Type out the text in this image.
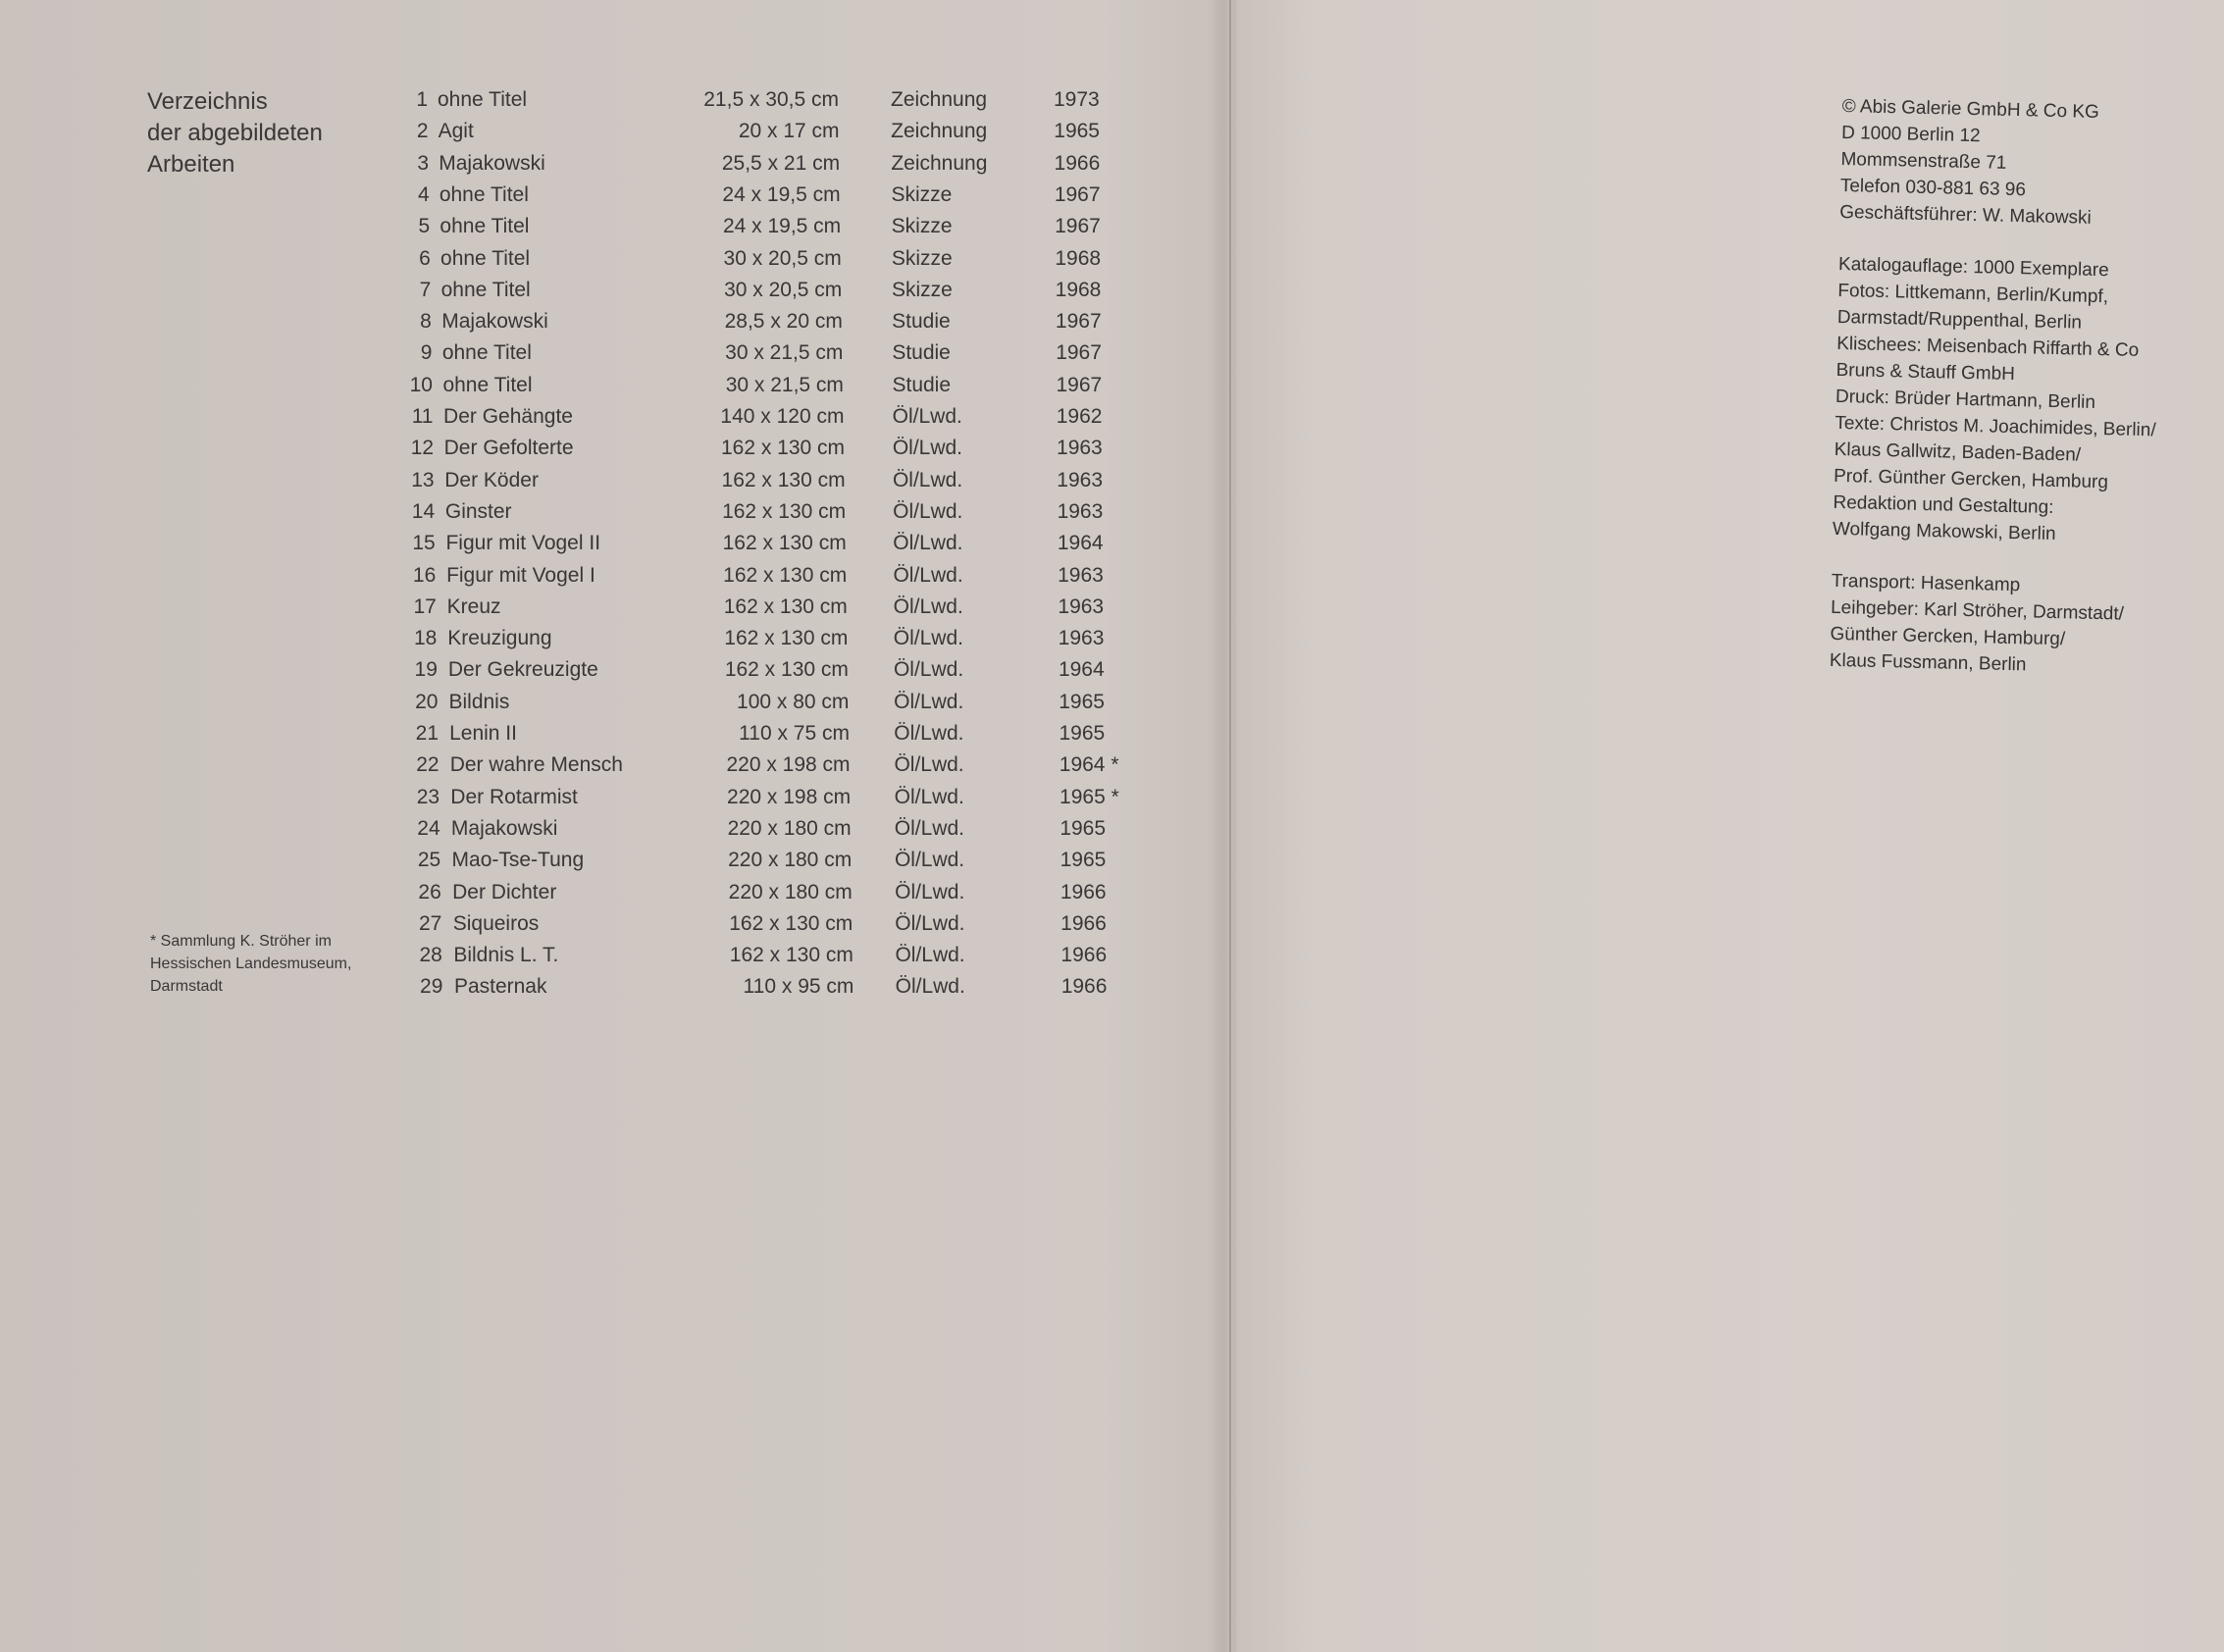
Verzeichnis
der abgebildeten
Arbeiten
* Sammlung K. Ströher im
Hessischen Landesmuseum,
Darmstadt
1 ohne Titel	21,5 x 30,5 cm	Zeichnung	1973
2 Agit	20 x 17 cm	Zeichnung	1965
3 Majakowski	25,5 x 21 cm Zeichnung	1966
4 ohne Titel	24 x 19,5 cm Skizze	1967
5 ohne Titel	24 x 19,5 cm Skizze	1967
6 ohne Titel	30 x 20,5 cm Skizze	1968
7 ohne Titel	30 x 20,5 cm Skizze	1968
8 Majakowski	28,5 x 20 cm Studie	1967
9 ohne Titel	30 x 21,5 cm Studie	1967
10 ohne Titel	30 x 21,5 cm Studie	1967
11 Der Gehängte	140 x 120 cm Öl/Lwd.	1962
12 Der Gefolterte	162 x 130 cm Öl/Lwd.	1963
13 Der Köder	162 x 130 cm Öl/Lwd.	1963
14 Ginster	162 x 130 cm Öl/Lwd.	1963
15 Figur mit Vogel II	162 x 130 cm Öl/Lwd.	1964
16 Figur mit Vogel I	162 x 130 cm Öl/Lwd.	1963
17 Kreuz	162 x 130 cm Öl/Lwd.	1963
18 Kreuzigung	162 x 130 cm Öl/Lwd.	1963
19 Der Gekreuzigte	162 x 130 cm Öl/Lwd.	1964
20 Bildnis	100 x 80 cm Öl/Lwd.	1965
21 Lenin II	110 x 75 cm Öl/Lwd.	1965
22 Der wahre Mensch	220 x 198 cm Öl/Lwd.	1964 *
23 Der Rotarmist	220 x 198 cm Öl/Lwd.	1965 *
24 Majakowski	220 x 180 cm Öl/Lwd.	1965
25 Mao-Tse-Tung	220 x 180 cm Öl/Lwd.	1965
26 Der Dichter	220 x 180 cm Öl/Lwd.	1966
27 Siqueiros	162 x 130 cm Öl/Lwd.	1966
28 Bildnis L. T.	162 x 130 cm Öl/Lwd.	1966
29 Pasternak	110 x 95 cm Öl/Lwd.	1966
© Abis Galerie GmbH & Co KG
D 1000 Berlin 12
Mommsenstraße 71
Telefon 030-881 63 96
Geschäftsführer: W. Makowski
Katalogauflage: 1000 Exemplare
Fotos: Littkemann, Berlin/Kumpf,
Darmstadt/Ruppenthal, Berlin
Klischees: Meisenbach Riffarth & Co
Bruns & Stauff GmbH
Druck: Brüder Hartmann, Berlin
Texte: Christos M. Joachimides, Berlin/
Klaus Gallwitz, Baden-Baden/
Prof. Günther Gercken, Hamburg
Redaktion und Gestaltung:
Wolfgang Makowski, Berlin
Transport: Hasenkamp
Leihgeber: Karl Ströher, Darmstadt/
Günther Gercken, Hamburg/
Klaus Fussmann, Berlin
